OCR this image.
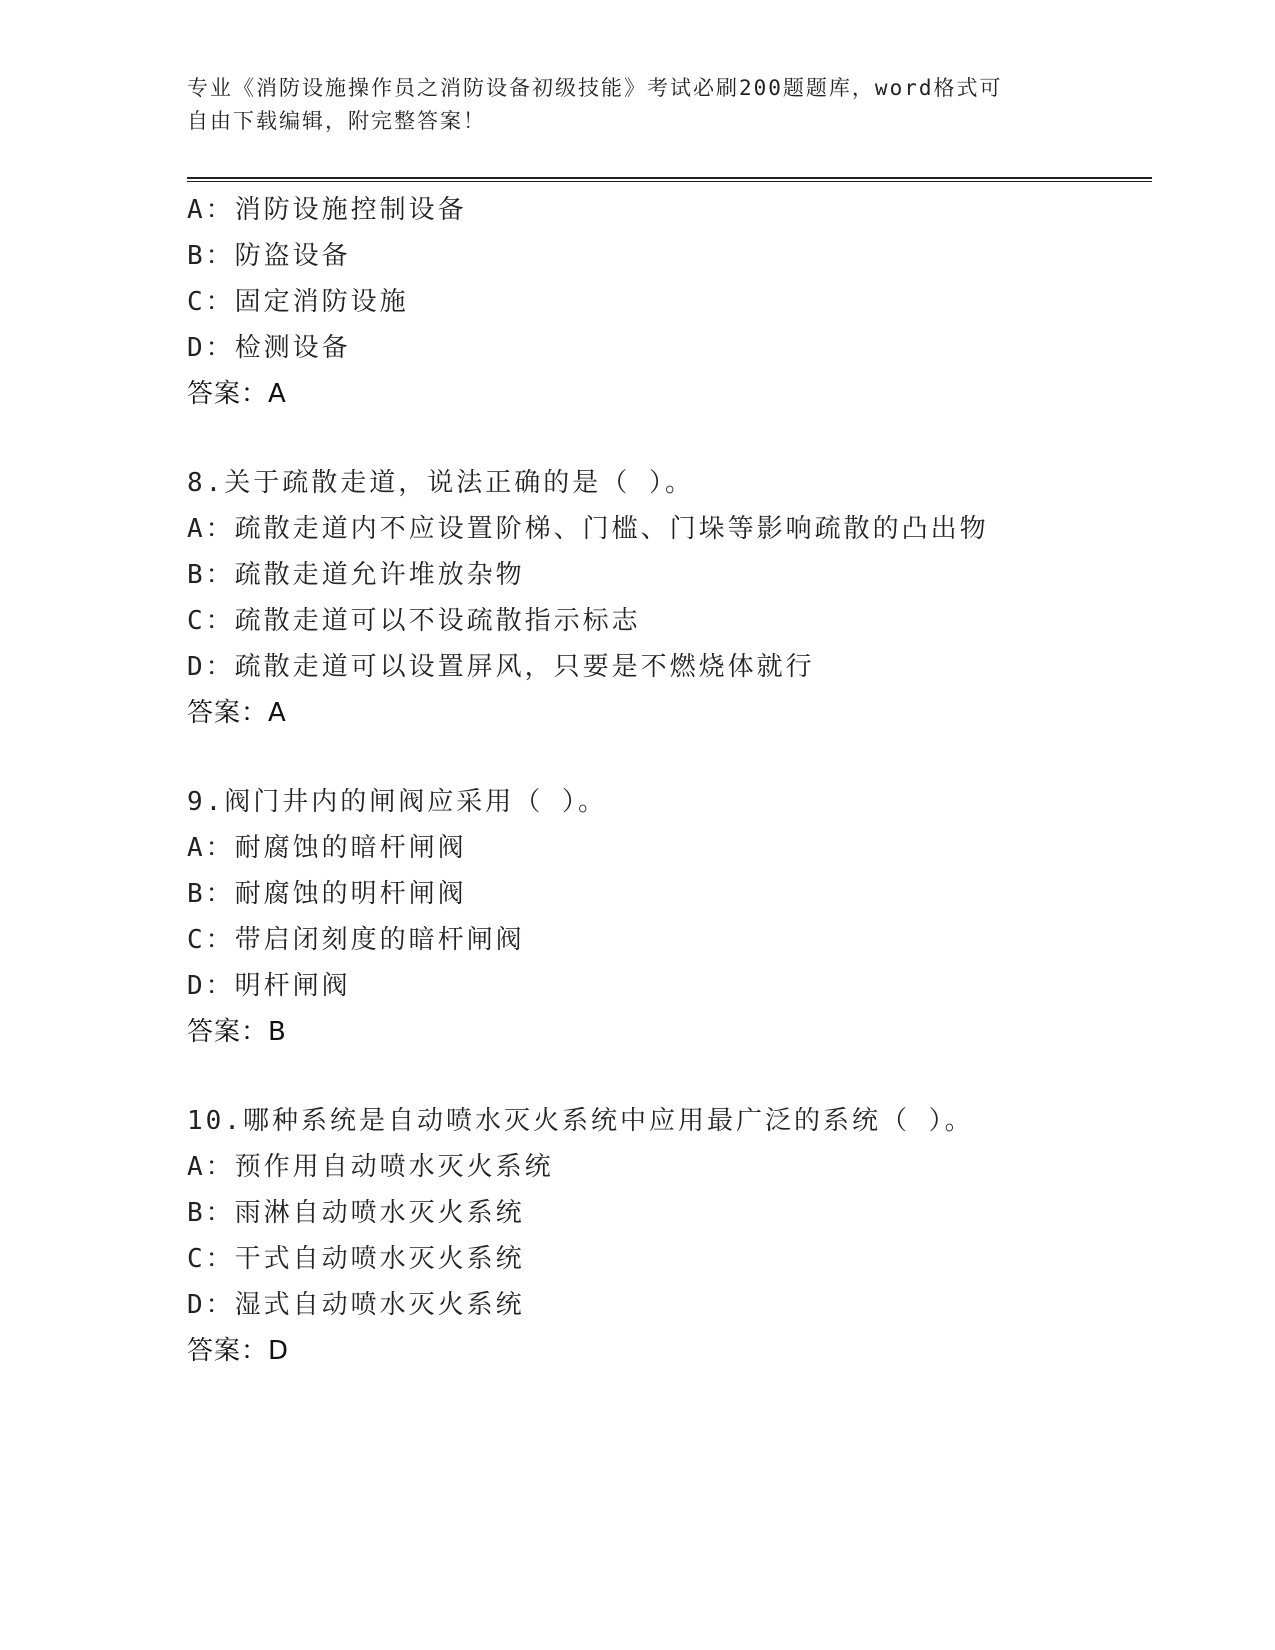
专业《消防设施操作员之消防设备初级技能》考试必刷200题题库，word格式可
自由下载编辑，附完整答案！
A：消防设施控制设备
B：防盗设备
C：固定消防设施
D：检测设备
答案：A
8.关于疏散走道，说法正确的是（ ）。
A：疏散走道内不应设置阶梯、门槛、门垛等影响疏散的凸出物
B：疏散走道允许堆放杂物
C：疏散走道可以不设疏散指示标志
D：疏散走道可以设置屏风，只要是不燃烧体就行
答案：A
9.阀门井内的闸阀应采用（ ）。
A：耐腐蚀的暗杆闸阀
B：耐腐蚀的明杆闸阀
C：带启闭刻度的暗杆闸阀
D：明杆闸阀
答案：B
10.哪种系统是自动喷水灭火系统中应用最广泛的系统（ ）。
A：预作用自动喷水灭火系统
B：雨淋自动喷水灭火系统
C：干式自动喷水灭火系统
D：湿式自动喷水灭火系统
答案：D
